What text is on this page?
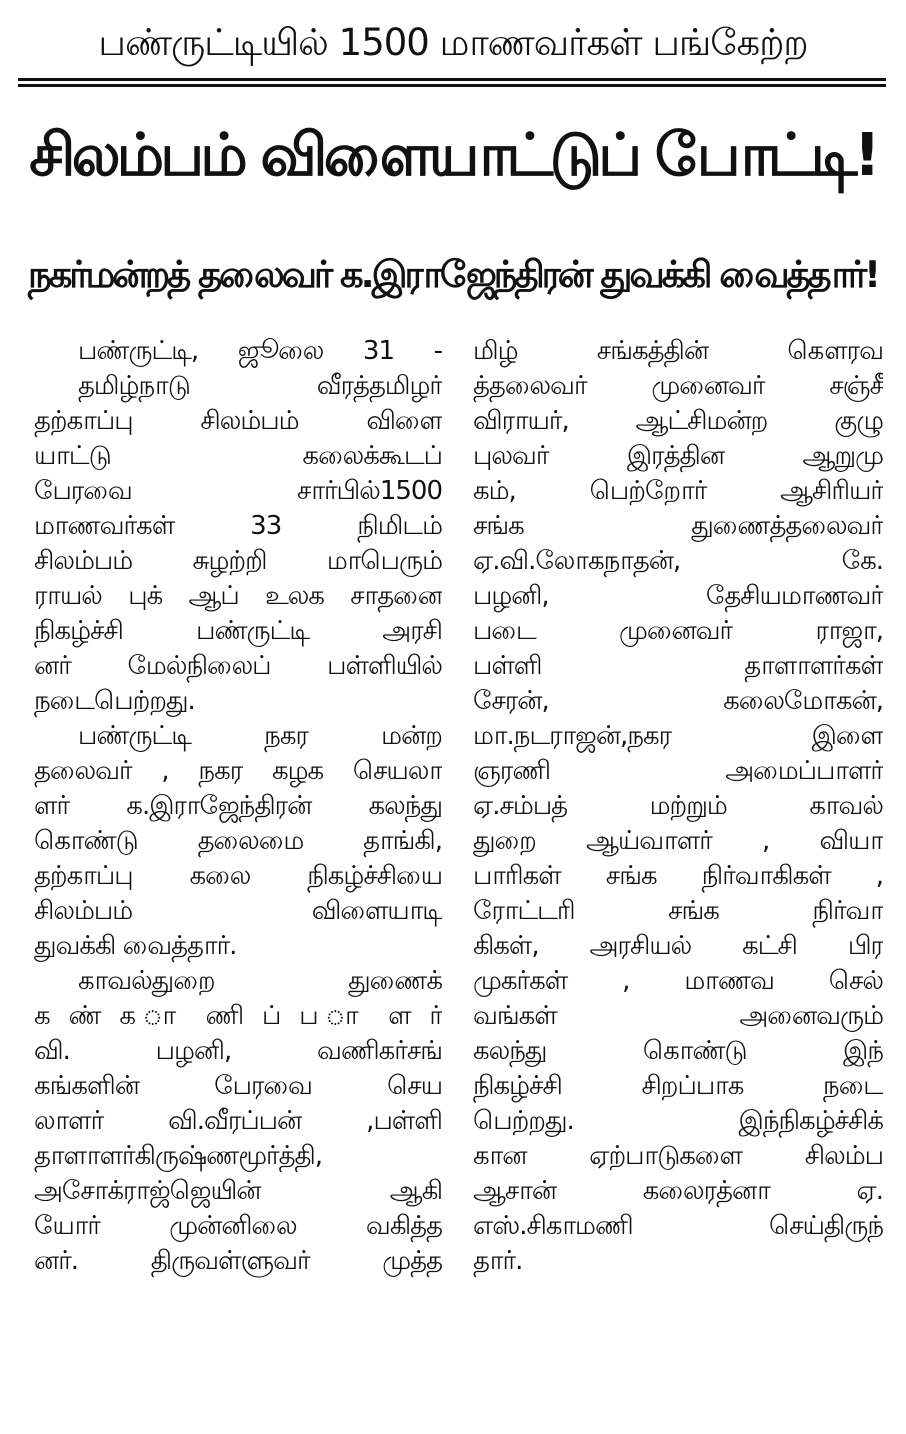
பண்ருட்டியில் 1500 மாணவர்கள் பங்கேற்ற
சிலம்பம் விளையாட்டுப் போட்டி!
நகர்மன்றத் தலைவர் க.இராஜேந்திரன் துவக்கி வைத்தார்!
பண்ருட்டி, ஜூலை 31 -
தமிழ்நாடு வீரத்தமிழர்
தற்காப்பு சிலம்பம் விளை
யாட்டு கலைக்கூடப்
பேரவை சார்பில்1500
மாணவர்கள் 33 நிமிடம்
சிலம்பம் சுழற்றி மாபெரும்
ராயல் புக் ஆப் உலக சாதனை
நிகழ்ச்சி பண்ருட்டி அரசி
னர் மேல்நிலைப் பள்ளியில்
நடைபெற்றது.
பண்ருட்டி நகர மன்ற
தலைவர் , நகர கழக செயலா
ளர் க.இராஜேந்திரன் கலந்து
கொண்டு தலைமை தாங்கி,
தற்காப்பு கலை நிகழ்ச்சியை
சிலம்பம் விளையாடி
துவக்கி வைத்தார்.
காவல்துறை துணைக்
க ண் க ா ணி ப் ப ா ள ர்
வி. பழனி, வணிகர்சங்
கங்களின் பேரவை செய
லாளர் வி.வீரப்பன் ,பள்ளி
தாளாளர்கிருஷ்ணமூர்த்தி,
அசோக்ராஜ்ஜெயின் ஆகி
யோர் முன்னிலை வகித்த
னர். திருவள்ளுவர் முத்த
மிழ் சங்கத்தின் கௌரவ
த்தலைவர் முனைவர் சஞ்சீ
விராயர், ஆட்சிமன்ற குழு
புலவர் இரத்தின ஆறுமு
கம், பெற்றோர் ஆசிரியர்
சங்க துணைத்தலைவர்
ஏ.வி.லோகநாதன், கே.
பழனி, தேசியமாணவர்
படை முனைவர் ராஜா,
பள்ளி தாளாளர்கள்
சேரன், கலைமோகன்,
மா.நடராஜன்,நகர இளை
ஞரணி அமைப்பாளர்
ஏ.சம்பத் மற்றும் காவல்
துறை ஆய்வாளர் , வியா
பாரிகள் சங்க நிர்வாகிகள் ,
ரோட்டரி சங்க நிர்வா
கிகள், அரசியல் கட்சி பிர
முகர்கள் , மாணவ செல்
வங்கள் அனைவரும்
கலந்து கொண்டு இந்
நிகழ்ச்சி சிறப்பாக நடை
பெற்றது. இந்நிகழ்ச்சிக்
கான ஏற்பாடுகளை சிலம்ப
ஆசான் கலைரத்னா ஏ.
எஸ்.சிகாமணி செய்திருந்
தார்.
